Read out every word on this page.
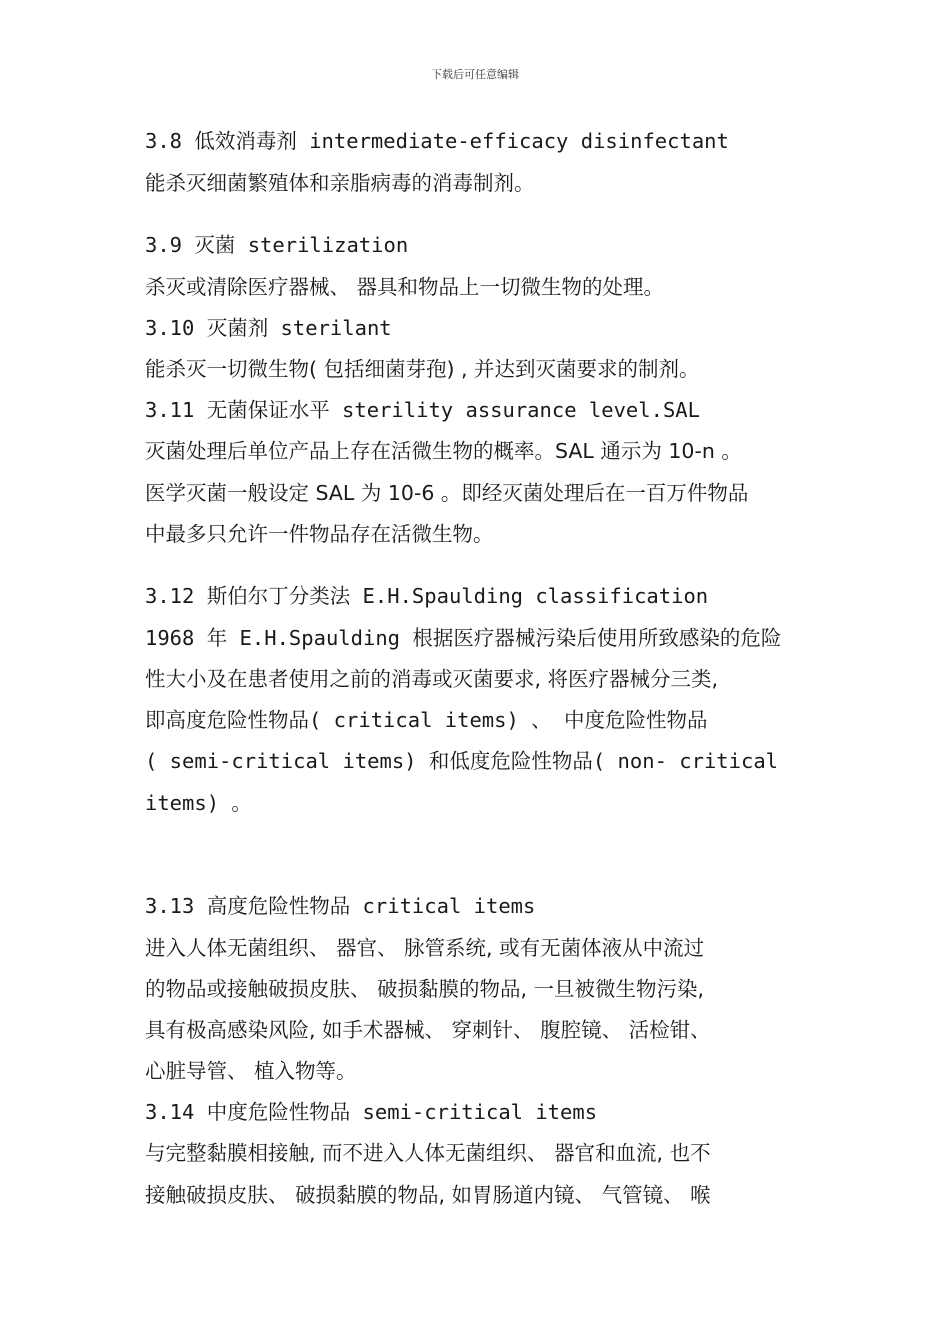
下载后可任意编辑
3.8 低效消毒剂 intermediate-efficacy disinfectant
能杀灭细菌繁殖体和亲脂病毒的消毒制剂。
3.9 灭菌 sterilization
杀灭或清除医疗器械、 器具和物品上一切微生物的处理。
3.10 灭菌剂 sterilant
能杀灭一切微生物( 包括细菌芽孢) , 并达到灭菌要求的制剂。
3.11 无菌保证水平 sterility assurance level.SAL
灭菌处理后单位产品上存在活微生物的概率。SAL 通示为 10-n 。
医学灭菌一般设定 SAL 为 10-6 。即经灭菌处理后在一百万件物品
中最多只允许一件物品存在活微生物。
3.12 斯伯尔丁分类法 E.H.Spaulding classification
1968 年 E.H.Spaulding 根据医疗器械污染后使用所致感染的危险
性大小及在患者使用之前的消毒或灭菌要求, 将医疗器械分三类,
即高度危险性物品( critical items) 、 中度危险性物品
( semi-critical items) 和低度危险性物品( non- critical
items) 。
3.13 高度危险性物品 critical items
进入人体无菌组织、 器官、 脉管系统, 或有无菌体液从中流过
的物品或接触破损皮肤、 破损黏膜的物品, 一旦被微生物污染,
具有极高感染风险, 如手术器械、 穿刺针、 腹腔镜、 活检钳、
心脏导管、 植入物等。
3.14 中度危险性物品 semi-critical items
与完整黏膜相接触, 而不进入人体无菌组织、 器官和血流, 也不
接触破损皮肤、 破损黏膜的物品, 如胃肠道内镜、 气管镜、 喉
